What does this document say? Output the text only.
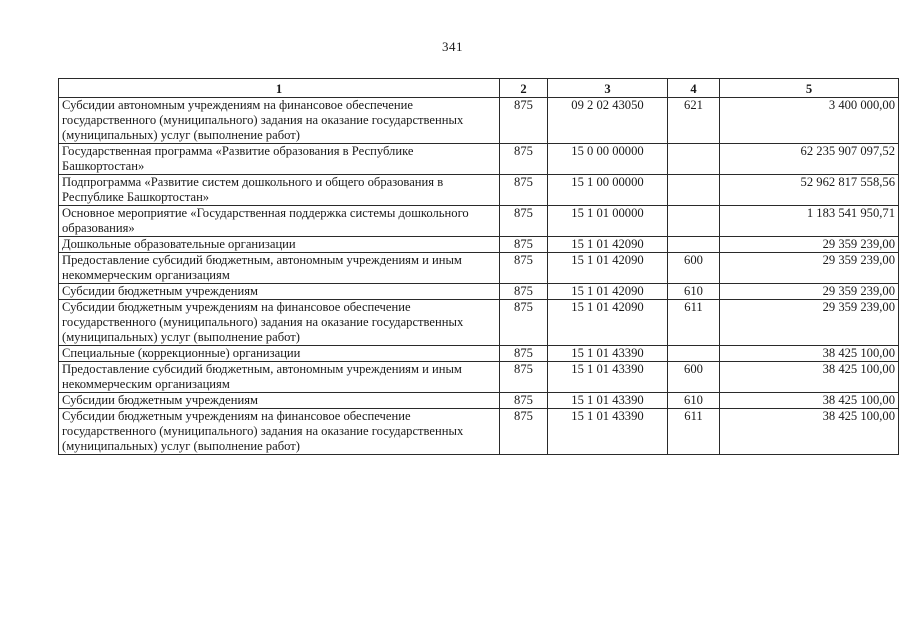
341
1	2	3	4	5
Субсидии автономным учреждениям на финансовое обеспечение государственного (муниципального) задания на оказание государственных (муниципальных) услуг (выполнение работ)	875	09 2 02 43050	621	3 400 000,00
Государственная программа «Развитие образования в Республике Башкортостан»	875	15 0 00 00000		62 235 907 097,52
Подпрограмма «Развитие систем дошкольного и общего образования в Республике Башкортостан»	875	15 1 00 00000		52 962 817 558,56
Основное мероприятие «Государственная поддержка системы дошкольного образования»	875	15 1 01 00000		1 183 541 950,71
Дошкольные образовательные организации	875	15 1 01 42090		29 359 239,00
Предоставление субсидий бюджетным, автономным учреждениям и иным некоммерческим организациям	875	15 1 01 42090	600	29 359 239,00
Субсидии бюджетным учреждениям	875	15 1 01 42090	610	29 359 239,00
Субсидии бюджетным учреждениям на финансовое обеспечение государственного (муниципального) задания на оказание государственных (муниципальных) услуг (выполнение работ)	875	15 1 01 42090	611	29 359 239,00
Специальные (коррекционные) организации	875	15 1 01 43390		38 425 100,00
Предоставление субсидий бюджетным, автономным учреждениям и иным некоммерческим организациям	875	15 1 01 43390	600	38 425 100,00
Субсидии бюджетным учреждениям	875	15 1 01 43390	610	38 425 100,00
Субсидии бюджетным учреждениям на финансовое обеспечение государственного (муниципального) задания на оказание государственных (муниципальных) услуг (выполнение работ)	875	15 1 01 43390	611	38 425 100,00
